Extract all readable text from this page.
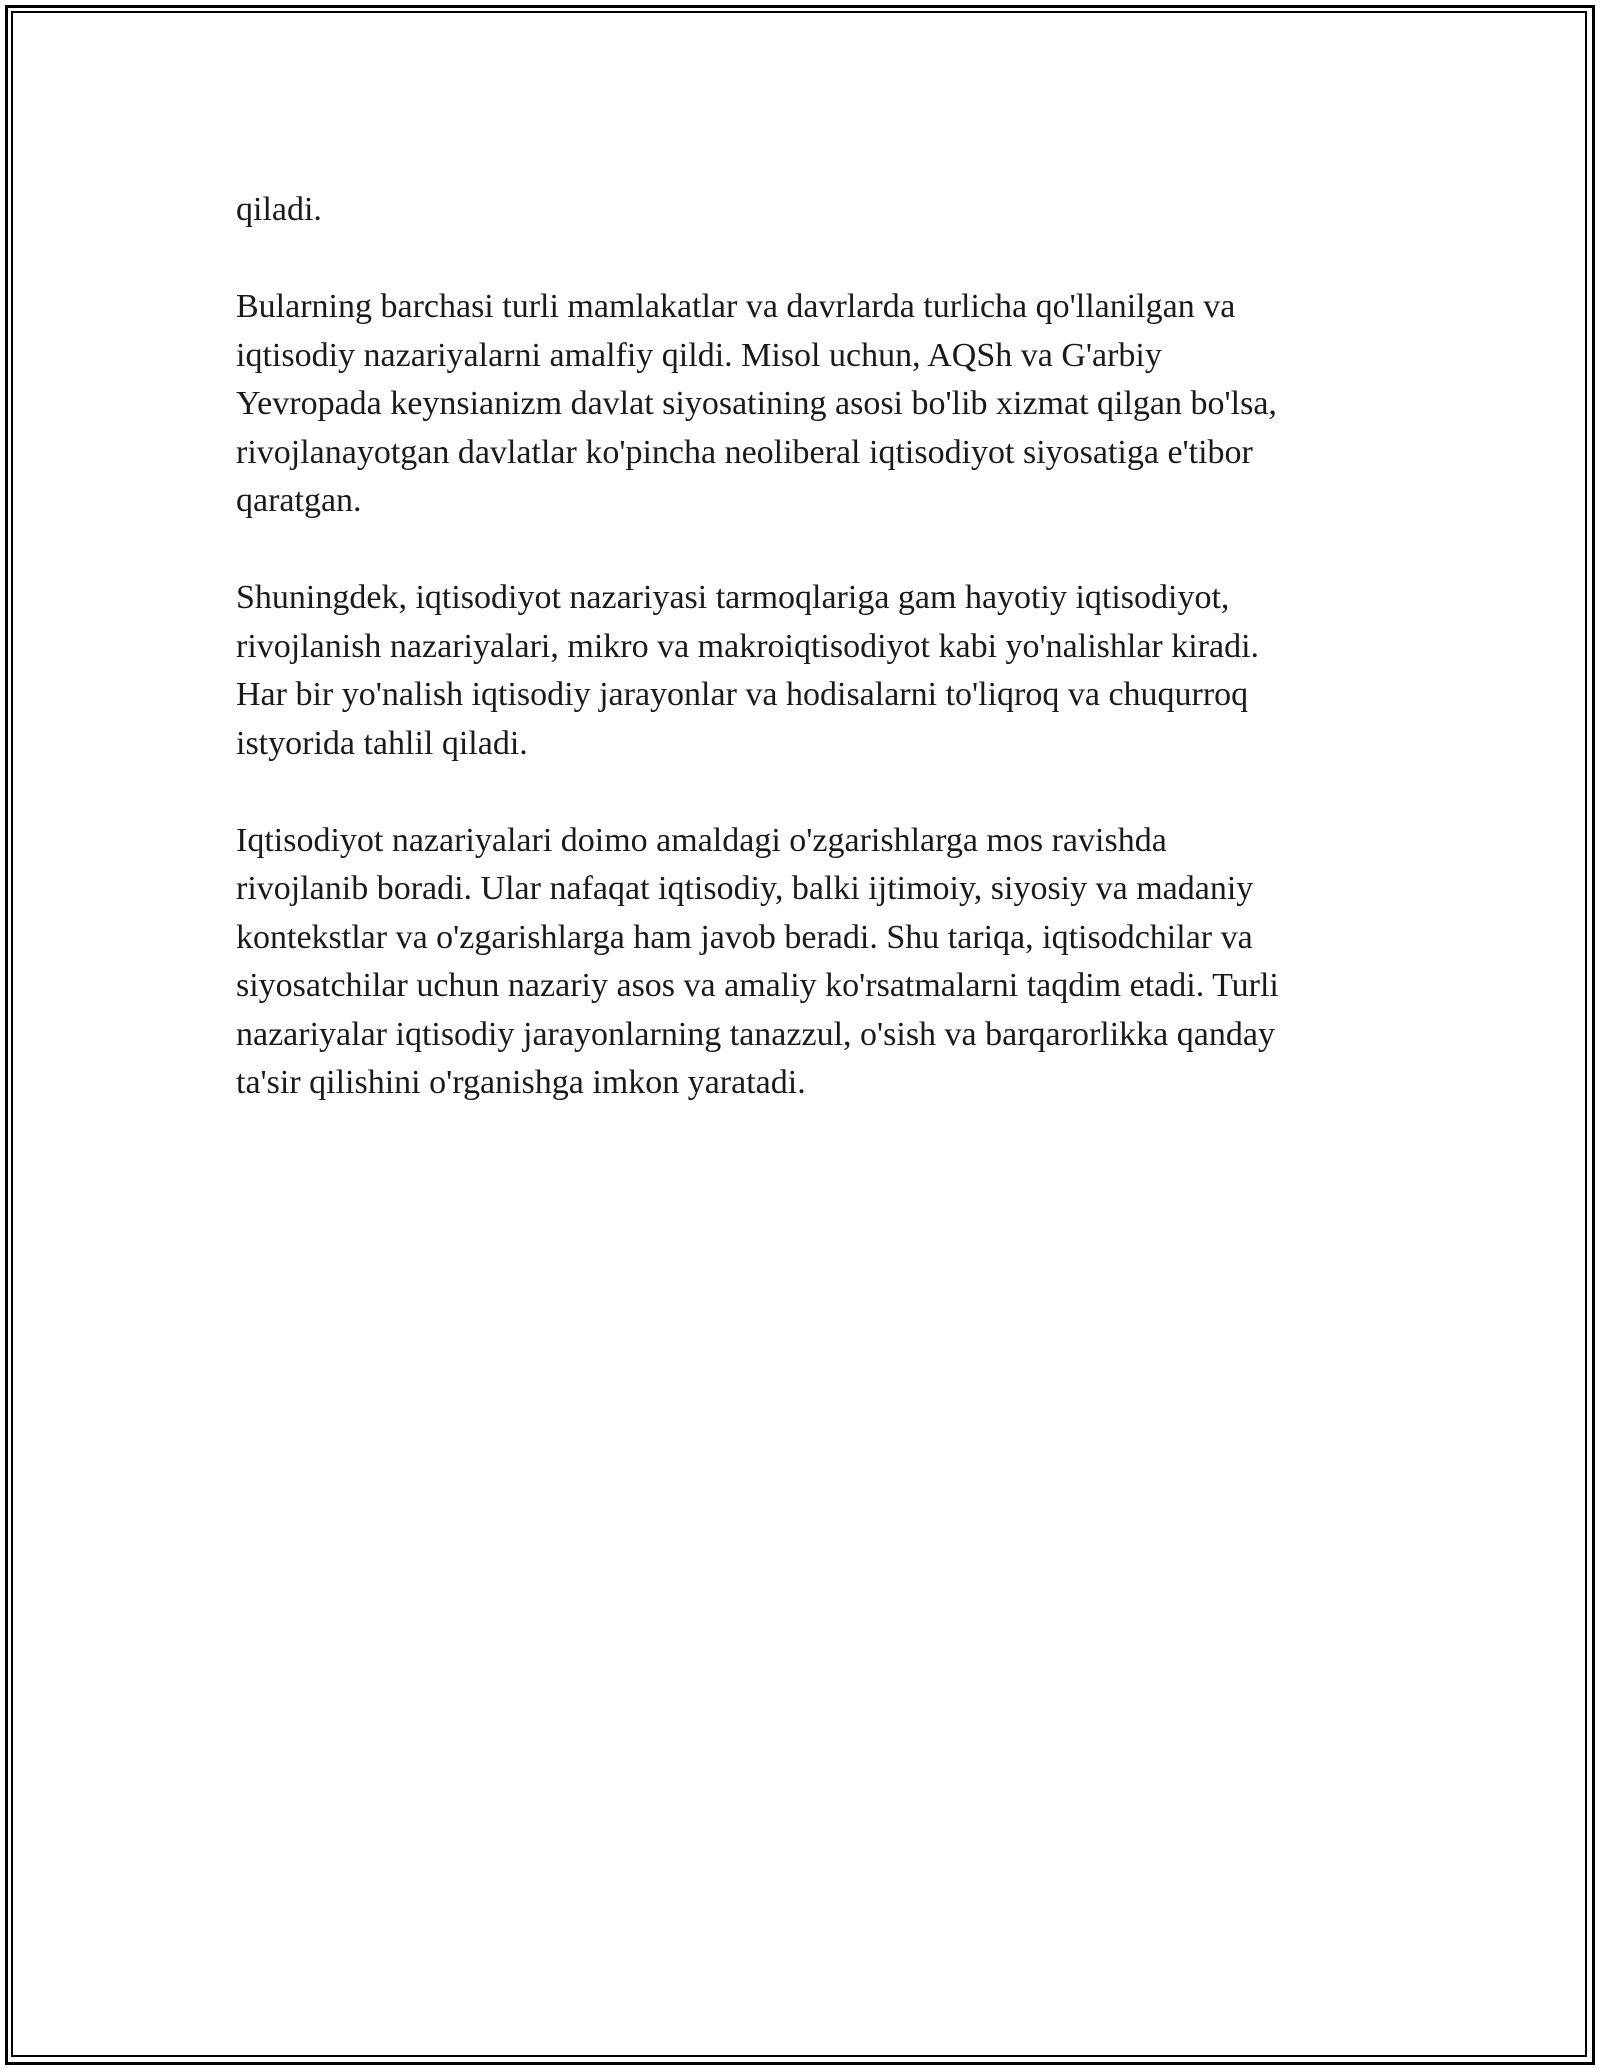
qiladi.

Bularning barchasi turli mamlakatlar va davrlarda turlicha qo'llanilgan va
iqtisodiy nazariyalarni amalfiy qildi. Misol uchun, AQSh va G'arbiy
Yevropada keynsianizm davlat siyosatining asosi bo'lib xizmat qilgan bo'lsa,
rivojlanayotgan davlatlar ko'pincha neoliberal iqtisodiyot siyosatiga e'tibor
qaratgan.

Shuningdek, iqtisodiyot nazariyasi tarmoqlariga gam hayotiy iqtisodiyot,
rivojlanish nazariyalari, mikro va makroiqtisodiyot kabi yo'nalishlar kiradi.
Har bir yo'nalish iqtisodiy jarayonlar va hodisalarni to'liqroq va chuqurroq
istyorida tahlil qiladi.

Iqtisodiyot nazariyalari doimo amaldagi o'zgarishlarga mos ravishda
rivojlanib boradi. Ular nafaqat iqtisodiy, balki ijtimoiy, siyosiy va madaniy
kontekstlar va o'zgarishlarga ham javob beradi. Shu tariqa, iqtisodchilar va
siyosatchilar uchun nazariy asos va amaliy ko'rsatmalarni taqdim etadi. Turli
nazariyalar iqtisodiy jarayonlarning tanazzul, o'sish va barqarorlikka qanday
ta'sir qilishini o'rganishga imkon yaratadi.
